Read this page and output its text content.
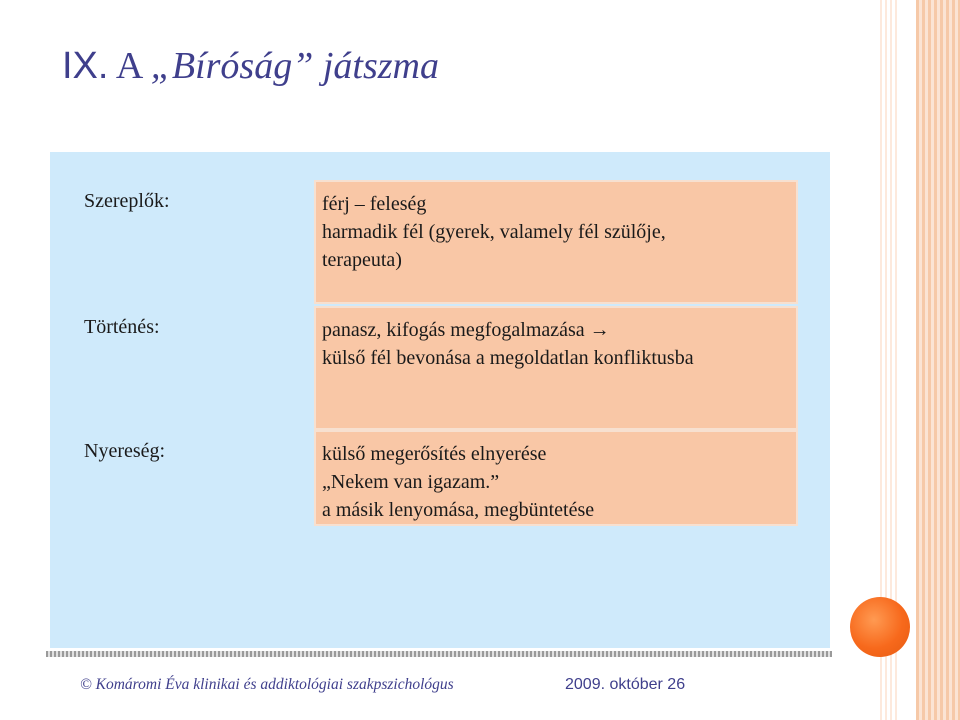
IX. A „Bíróság” játszma
Szereplők:	férj – feleség
harmadik fél (gyerek, valamely fél szülője,
terapeuta)
Történés:	panasz, kifogás megfogalmazása →
külső fél bevonása a megoldatlan konfliktusba
Nyereség:	külső megerősítés elnyerése
„Nekem van igazam.”
a másik lenyomása, megbüntetése
© Komáromi Éva klinikai és addiktológiai szakpszichológus	2009. október 26
